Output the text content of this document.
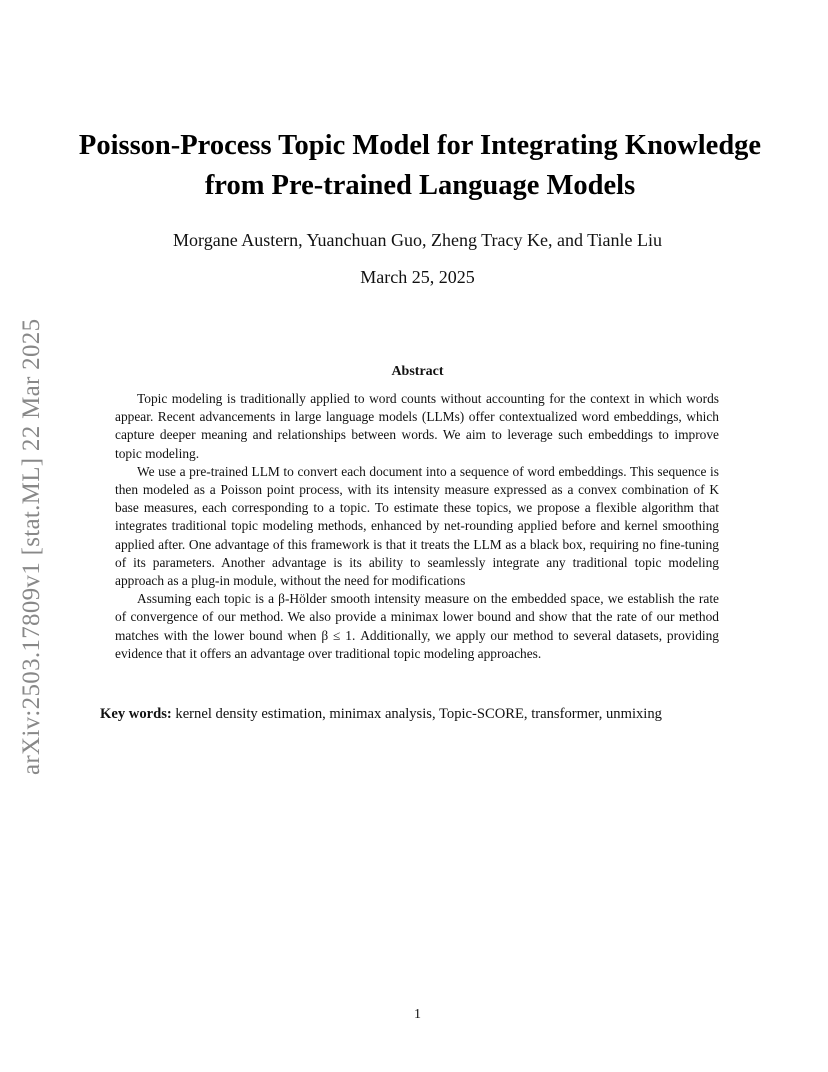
arXiv:2503.17809v1 [stat.ML] 22 Mar 2025
Poisson-Process Topic Model for Integrating Knowledge
from Pre-trained Language Models
Morgane Austern, Yuanchuan Guo, Zheng Tracy Ke, and Tianle Liu
March 25, 2025
Abstract

Topic modeling is traditionally applied to word counts without accounting for the context in which words appear. Recent advancements in large language models (LLMs) offer contextualized word embeddings, which capture deeper meaning and relationships between words. We aim to leverage such embeddings to improve topic modeling.

We use a pre-trained LLM to convert each document into a sequence of word embeddings. This sequence is then modeled as a Poisson point process, with its intensity measure expressed as a convex combination of K base measures, each corresponding to a topic. To estimate these topics, we propose a flexible algorithm that integrates traditional topic modeling methods, enhanced by net-rounding applied before and kernel smoothing applied after. One advantage of this framework is that it treats the LLM as a black box, requiring no fine-tuning of its parameters. Another advantage is its ability to seamlessly integrate any traditional topic modeling approach as a plug-in module, without the need for modifications

Assuming each topic is a β-Hölder smooth intensity measure on the embedded space, we establish the rate of convergence of our method. We also provide a minimax lower bound and show that the rate of our method matches with the lower bound when β ≤ 1. Additionally, we apply our method to several datasets, providing evidence that it offers an advantage over traditional topic modeling approaches.

Key words: kernel density estimation, minimax analysis, Topic-SCORE, transformer, unmixing
1
